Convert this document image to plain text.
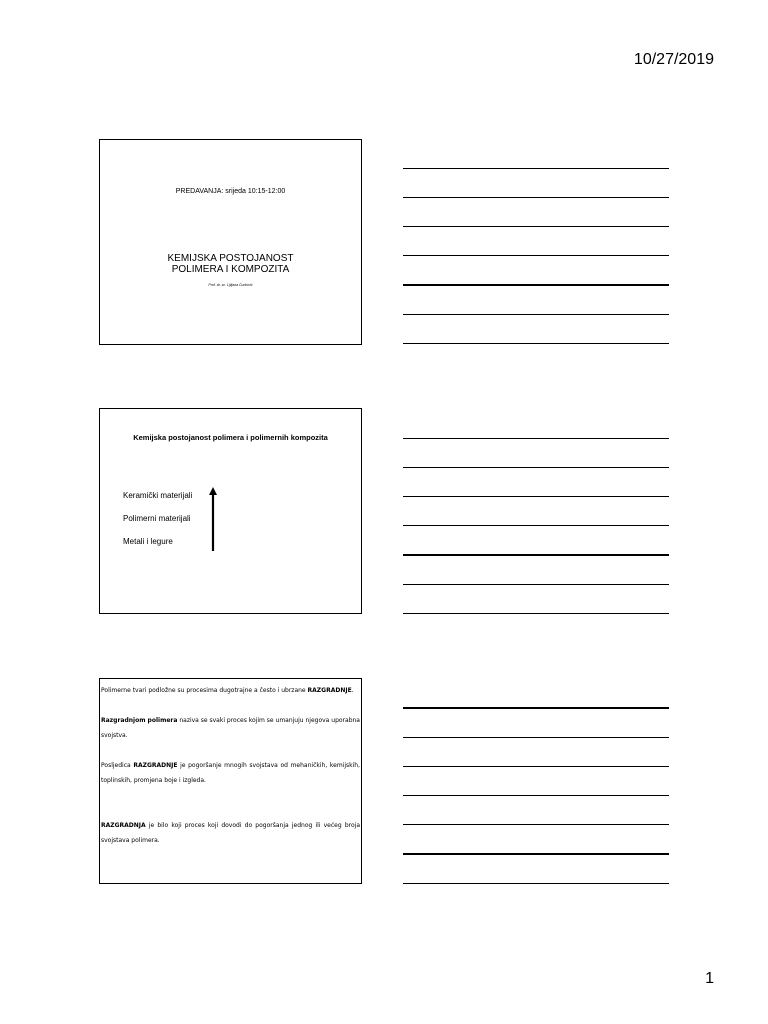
10/27/2019
PREDAVANJA: srijeda 10:15-12:00
KEMIJSKA POSTOJANOST
POLIMERA I KOMPOZITA
Prof. dr. sc. Ljiljana Ćurković
Kemijska postojanost polimera i polimernih kompozita
Keramički materijali
Polimerni materijali
Metali i legure

Polimerne tvari podložne su procesima dugotrajne a često i ubrzane RAZGRADNJE.

Razgradnjom polimera naziva se svaki proces kojim se umanjuju njegova uporabna svojstva.

Posljedica RAZGRADNJE je pogoršanje mnogih svojstava od mehaničkih, kemijskih, toplinskih, promjena boje i izgleda.

RAZGRADNJA je bilo koji proces koji dovodi do pogoršanja jednog ili većeg broja svojstava polimera.

1
